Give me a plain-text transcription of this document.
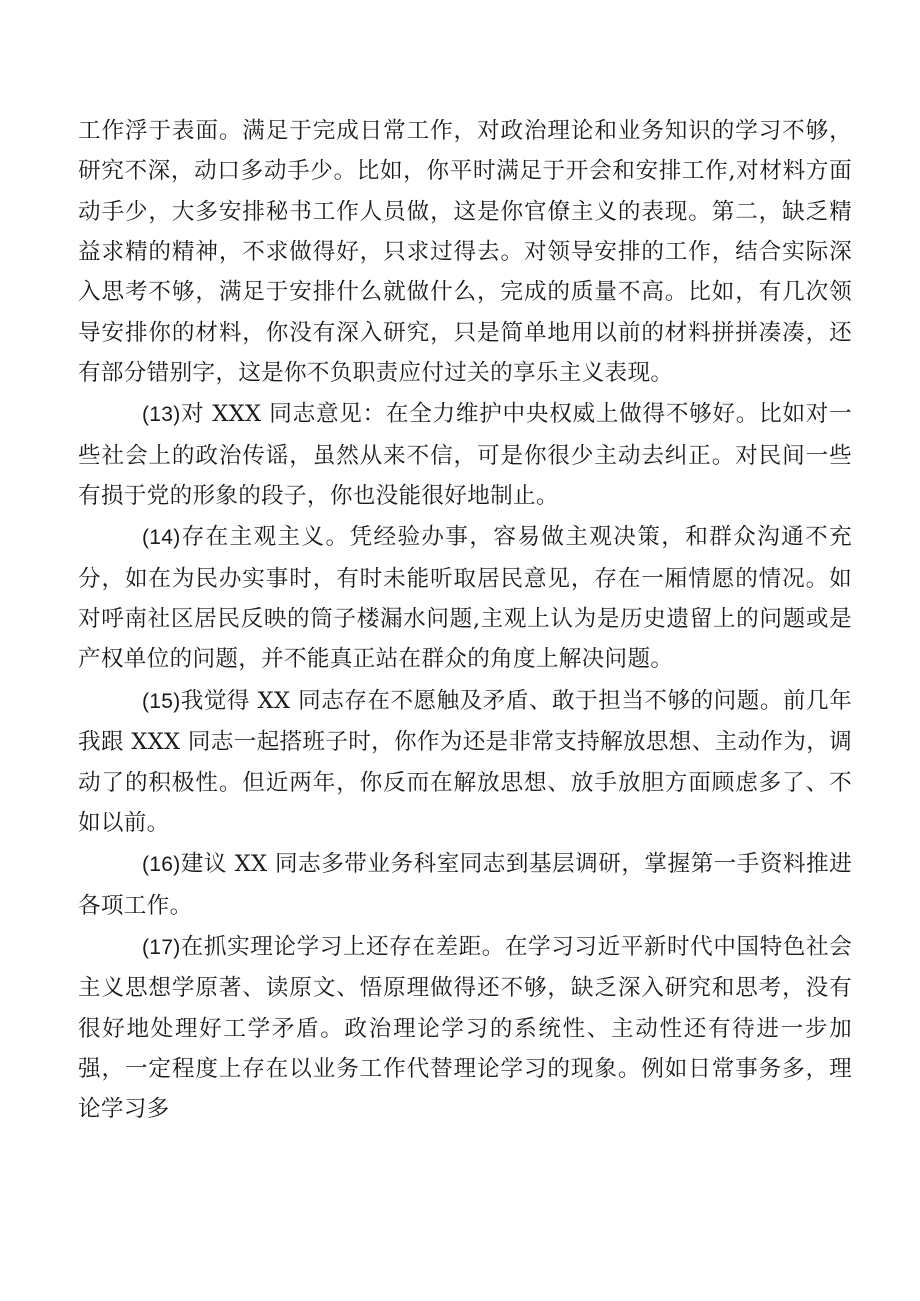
工作浮于表面。满足于完成日常工作，对政治理论和业务知识的学习不够，研究不深，动口多动手少。比如，你平时满足于开会和安排工作,对材料方面动手少，大多安排秘书工作人员做，这是你官僚主义的表现。第二，缺乏精益求精的精神，不求做得好，只求过得去。对领导安排的工作，结合实际深入思考不够，满足于安排什么就做什么，完成的质量不高。比如，有几次领导安排你的材料，你没有深入研究，只是简单地用以前的材料拼拼凑凑，还有部分错别字，这是你不负职责应付过关的享乐主义表现。

(13)对 XXX 同志意见：在全力维护中央权威上做得不够好。比如对一些社会上的政治传谣，虽然从来不信，可是你很少主动去纠正。对民间一些有损于党的形象的段子，你也没能很好地制止。

(14)存在主观主义。凭经验办事，容易做主观决策，和群众沟通不充分，如在为民办实事时，有时未能听取居民意见，存在一厢情愿的情况。如对呼南社区居民反映的筒子楼漏水问题,主观上认为是历史遗留上的问题或是产权单位的问题，并不能真正站在群众的角度上解决问题。

(15)我觉得 XX 同志存在不愿触及矛盾、敢于担当不够的问题。前几年我跟 XXX 同志一起搭班子时，你作为还是非常支持解放思想、主动作为，调动了的积极性。但近两年，你反而在解放思想、放手放胆方面顾虑多了、不如以前。

(16)建议 XX 同志多带业务科室同志到基层调研，掌握第一手资料推进各项工作。

(17)在抓实理论学习上还存在差距。在学习习近平新时代中国特色社会主义思想学原著、读原文、悟原理做得还不够，缺乏深入研究和思考，没有很好地处理好工学矛盾。政治理论学习的系统性、主动性还有待进一步加强，一定程度上存在以业务工作代替理论学习的现象。例如日常事务多，理论学习多
